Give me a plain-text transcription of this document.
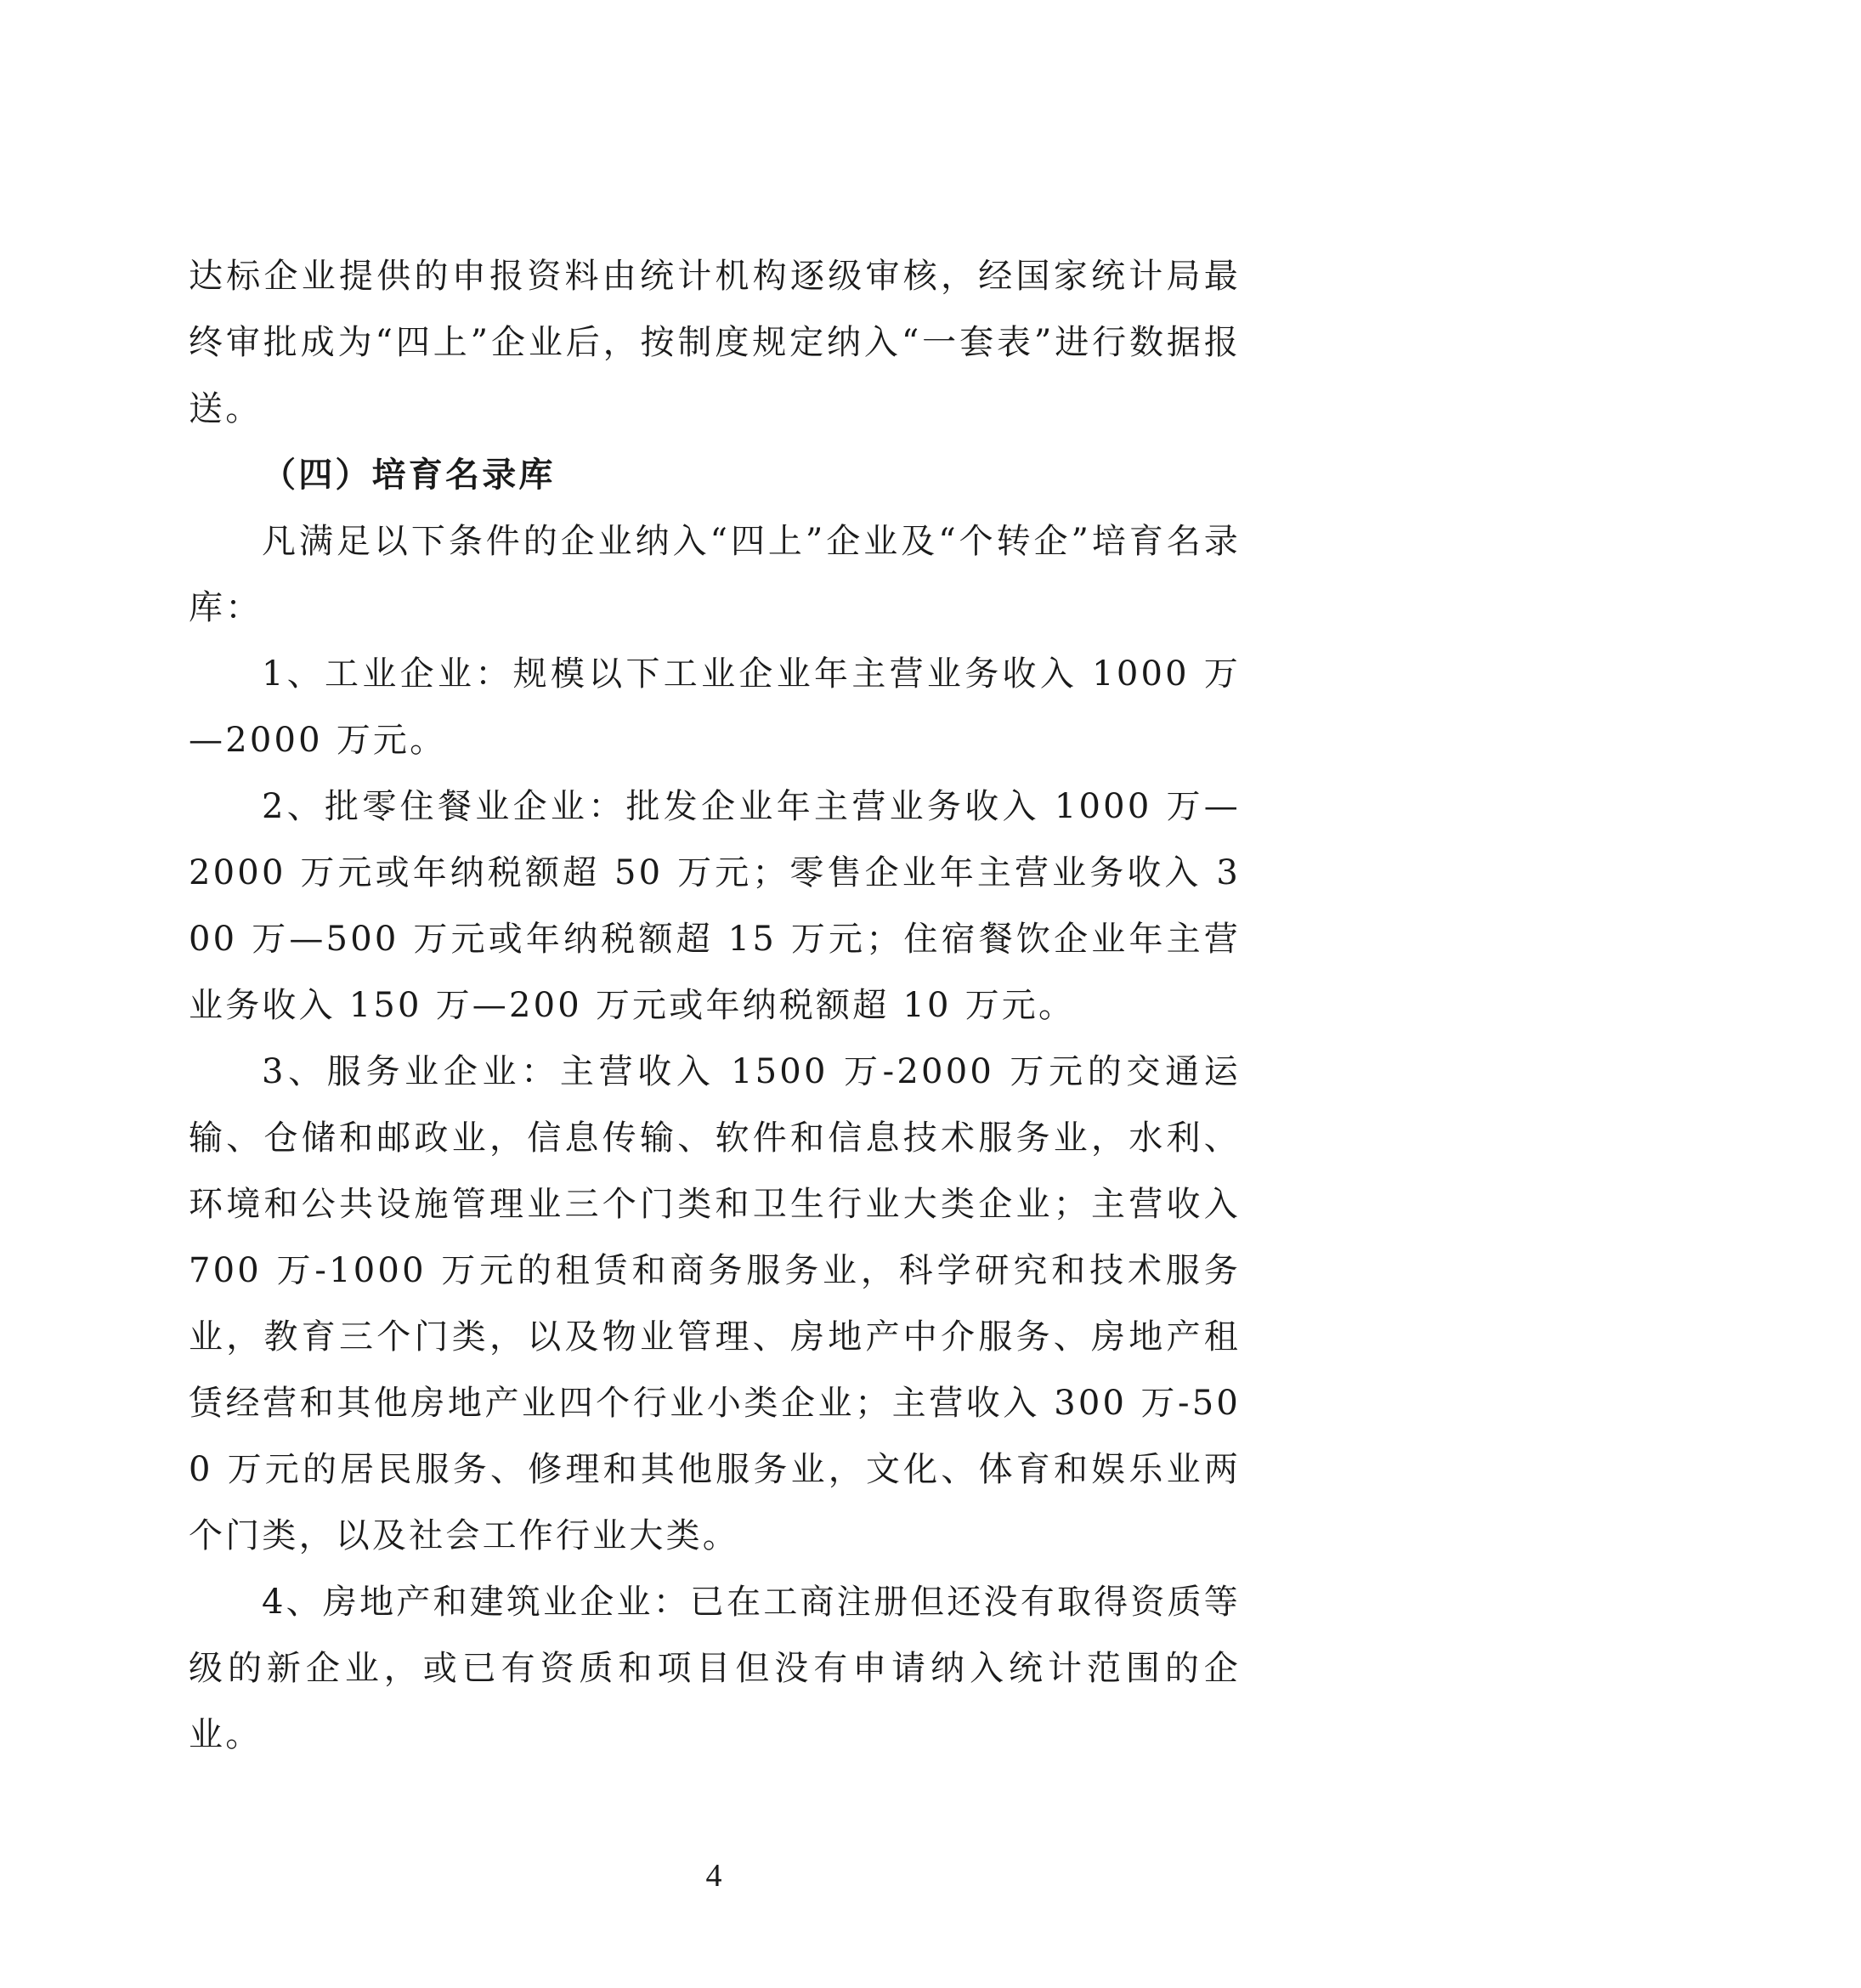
达标企业提供的申报资料由统计机构逐级审核，经国家统计局最终审批成为“四上”企业后，按制度规定纳入“一套表”进行数据报送。

（四）培育名录库

凡满足以下条件的企业纳入“四上”企业及“个转企”培育名录库：

1、工业企业：规模以下工业企业年主营业务收入 1000 万—2000 万元。

2、批零住餐业企业：批发企业年主营业务收入 1000 万—2000 万元或年纳税额超 50 万元；零售企业年主营业务收入 300 万—500 万元或年纳税额超 15 万元；住宿餐饮企业年主营业务收入 150 万—200 万元或年纳税额超 10 万元。

3、服务业企业：主营收入 1500 万-2000 万元的交通运输、仓储和邮政业，信息传输、软件和信息技术服务业，水利、环境和公共设施管理业三个门类和卫生行业大类企业；主营收入 700 万-1000 万元的租赁和商务服务业，科学研究和技术服务业，教育三个门类，以及物业管理、房地产中介服务、房地产租赁经营和其他房地产业四个行业小类企业；主营收入 300 万-500 万元的居民服务、修理和其他服务业，文化、体育和娱乐业两个门类，以及社会工作行业大类。

4、房地产和建筑业企业：已在工商注册但还没有取得资质等级的新企业，或已有资质和项目但没有申请纳入统计范围的企业。

4
